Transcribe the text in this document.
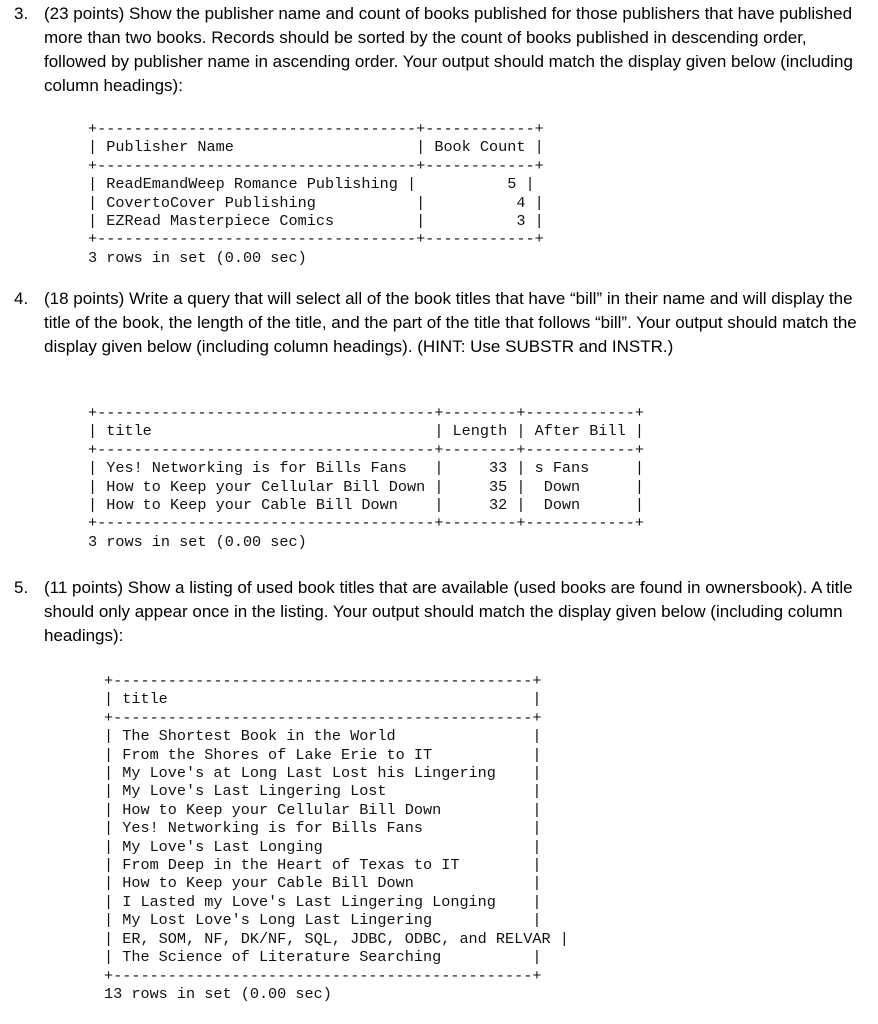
3. (23 points) Show the publisher name and count of books published for those publishers that have published more than two books. Records should be sorted by the count of books published in descending order, followed by publisher name in ascending order. Your output should match the display given below (including column headings):

+-----------------------------------+------------+
| Publisher Name                    | Book Count |
+-----------------------------------+------------+
| ReadEmandWeep Romance Publishing |          5 |
| CovertoCover Publishing           |          4 |
| EZRead Masterpiece Comics         |          3 |
+-----------------------------------+------------+
3 rows in set (0.00 sec)
4. (18 points) Write a query that will select all of the book titles that have “bill” in their name and will display the title of the book, the length of the title, and the part of the title that follows “bill”. Your output should match the display given below (including column headings). (HINT: Use SUBSTR and INSTR.)

+-------------------------------------+--------+------------+
| title                               | Length | After Bill |
+-------------------------------------+--------+------------+
| Yes! Networking is for Bills Fans   |     33 | s Fans     |
| How to Keep your Cellular Bill Down |     35 |  Down      |
| How to Keep your Cable Bill Down    |     32 |  Down      |
+-------------------------------------+--------+------------+
3 rows in set (0.00 sec)
5. (11 points) Show a listing of used book titles that are available (used books are found in ownersbook). A title should only appear once in the listing. Your output should match the display given below (including column headings):

+----------------------------------------------+
| title                                        |
+----------------------------------------------+
| The Shortest Book in the World               |
| From the Shores of Lake Erie to IT           |
| My Love's at Long Last Lost his Lingering    |
| My Love's Last Lingering Lost                |
| How to Keep your Cellular Bill Down          |
| Yes! Networking is for Bills Fans            |
| My Love's Last Longing                       |
| From Deep in the Heart of Texas to IT        |
| How to Keep your Cable Bill Down             |
| I Lasted my Love's Last Lingering Longing    |
| My Lost Love's Long Last Lingering           |
| ER, SOM, NF, DK/NF, SQL, JDBC, ODBC, and RELVAR |
| The Science of Literature Searching          |
+----------------------------------------------+
13 rows in set (0.00 sec)
